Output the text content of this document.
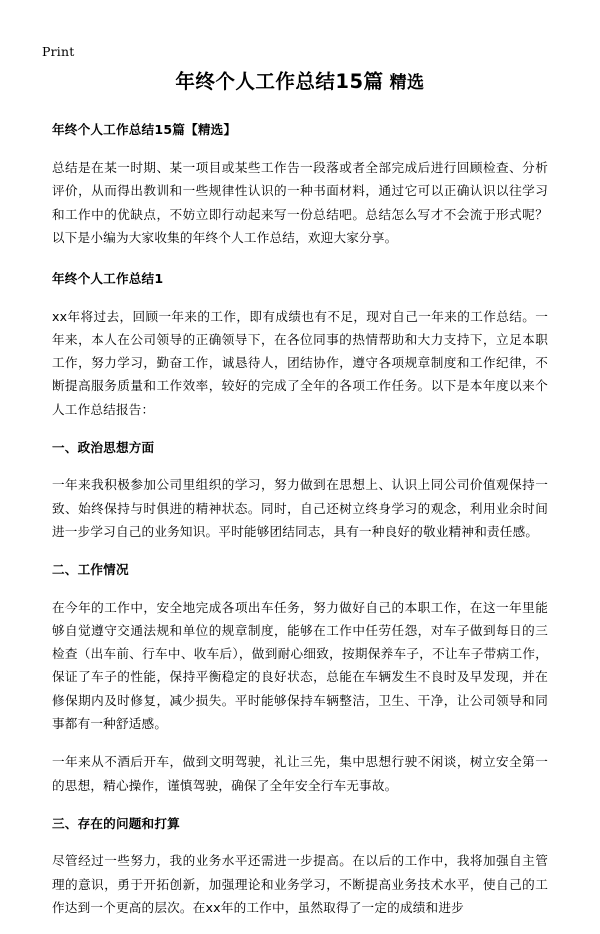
Print
年终个人工作总结15篇 精选

年终个人工作总结15篇【精选】

总结是在某一时期、某一项目或某些工作告一段落或者全部完成后进行回顾检查、分析评价，从而得出教训和一些规律性认识的一种书面材料，通过它可以正确认识以往学习和工作中的优缺点，不妨立即行动起来写一份总结吧。总结怎么写才不会流于形式呢？以下是小编为大家收集的年终个人工作总结，欢迎大家分享。

年终个人工作总结1

xx年将过去，回顾一年来的工作，即有成绩也有不足，现对自己一年来的工作总结。一年来，本人在公司领导的正确领导下，在各位同事的热情帮助和大力支持下，立足本职工作，努力学习，勤奋工作，诚恳待人，团结协作，遵守各项规章制度和工作纪律，不断提高服务质量和工作效率，较好的完成了全年的各项工作任务。以下是本年度以来个人工作总结报告：

一、政治思想方面

一年来我积极参加公司里组织的学习，努力做到在思想上、认识上同公司价值观保持一致、始终保持与时俱进的精神状态。同时，自己还树立终身学习的观念，利用业余时间进一步学习自己的业务知识。平时能够团结同志，具有一种良好的敬业精神和责任感。

二、工作情况

在今年的工作中，安全地完成各项出车任务，努力做好自己的本职工作，在这一年里能够自觉遵守交通法规和单位的规章制度，能够在工作中任劳任怨，对车子做到每日的三检查（出车前、行车中、收车后），做到耐心细致，按期保养车子，不让车子带病工作，保证了车子的性能，保持平衡稳定的良好状态，总能在车辆发生不良时及早发现，并在修保期内及时修复，减少损失。平时能够保持车辆整洁，卫生、干净，让公司领导和同事都有一种舒适感。

一年来从不酒后开车，做到文明驾驶，礼让三先，集中思想行驶不闲谈，树立安全第一的思想，精心操作，谨慎驾驶，确保了全年安全行车无事故。

三、存在的问题和打算

尽管经过一些努力，我的业务水平还需进一步提高。在以后的工作中，我将加强自主管理的意识，勇于开拓创新，加强理论和业务学习，不断提高业务技术水平，使自己的工作达到一个更高的层次。在xx年的工作中，虽然取得了一定的成绩和进步
